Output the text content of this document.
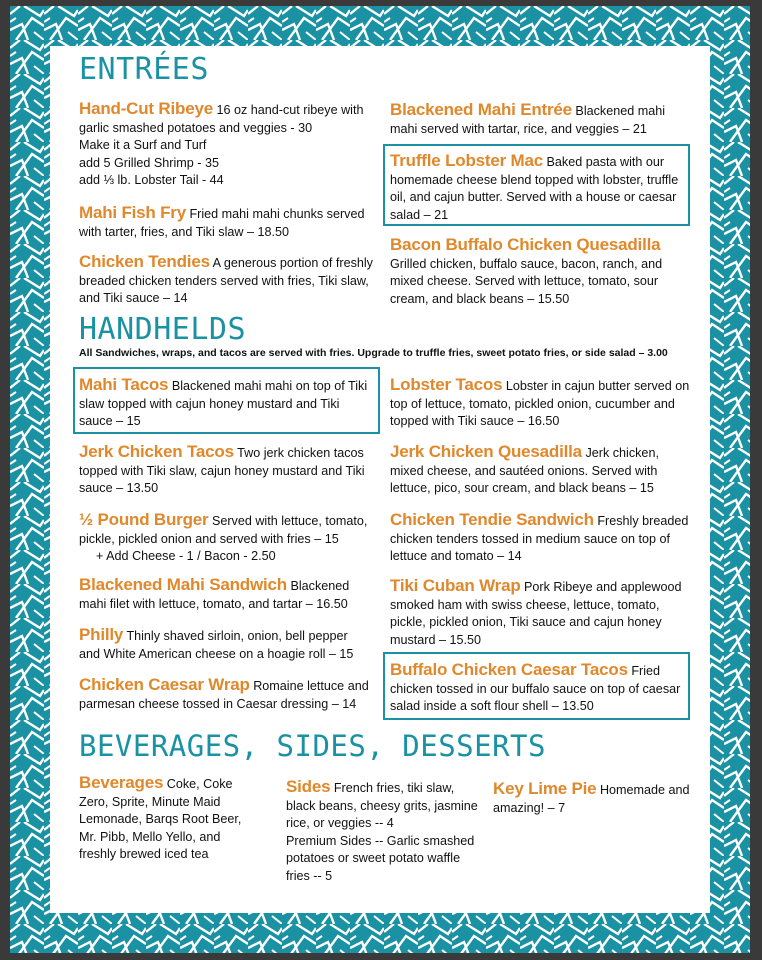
ENTRÉES
Hand-Cut Ribeye 16 oz hand-cut ribeye with garlic smashed potatoes and veggies - 30
Make it a Surf and Turf
add 5 Grilled Shrimp - 35
add ⅓ lb. Lobster Tail - 44
Mahi Fish Fry Fried mahi mahi chunks served with tarter, fries, and Tiki slaw – 18.50
Chicken Tendies A generous portion of freshly breaded chicken tenders served with fries, Tiki slaw, and Tiki sauce – 14
Blackened Mahi Entrée Blackened mahi mahi served with tartar, rice, and veggies – 21
Truffle Lobster Mac Baked pasta with our homemade cheese blend topped with lobster, truffle oil, and cajun butter. Served with a house or caesar salad – 21
Bacon Buffalo Chicken Quesadilla Grilled chicken, buffalo sauce, bacon, ranch, and mixed cheese. Served with lettuce, tomato, sour cream, and black beans – 15.50
HANDHELDS
All Sandwiches, wraps, and tacos are served with fries. Upgrade to truffle fries, sweet potato fries, or side salad – 3.00
Mahi Tacos Blackened mahi mahi on top of Tiki slaw topped with cajun honey mustard and Tiki sauce – 15
Jerk Chicken Tacos Two jerk chicken tacos topped with Tiki slaw, cajun honey mustard and Tiki sauce – 13.50
½ Pound Burger Served with lettuce, tomato, pickle, pickled onion and served with fries – 15
+ Add Cheese - 1 / Bacon - 2.50
Blackened Mahi Sandwich Blackened mahi filet with lettuce, tomato, and tartar – 16.50
Philly Thinly shaved sirloin, onion, bell pepper and White American cheese on a hoagie roll – 15
Chicken Caesar Wrap Romaine lettuce and parmesan cheese tossed in Caesar dressing – 14
Lobster Tacos Lobster in cajun butter served on top of lettuce, tomato, pickled onion, cucumber and topped with Tiki sauce – 16.50
Jerk Chicken Quesadilla Jerk chicken, mixed cheese, and sautéed onions. Served with lettuce, pico, sour cream, and black beans – 15
Chicken Tendie Sandwich Freshly breaded chicken tenders tossed in medium sauce on top of lettuce and tomato – 14
Tiki Cuban Wrap Pork Ribeye and applewood smoked ham with swiss cheese, lettuce, tomato, pickle, pickled onion, Tiki sauce and cajun honey mustard – 15.50
Buffalo Chicken Caesar Tacos Fried chicken tossed in our buffalo sauce on top of caesar salad inside a soft flour shell – 13.50
BEVERAGES, SIDES, DESSERTS
Beverages Coke, Coke Zero, Sprite, Minute Maid Lemonade, Barqs Root Beer, Mr. Pibb, Mello Yello, and freshly brewed iced tea
Sides French fries, tiki slaw, black beans, cheesy grits, jasmine rice, or veggies -- 4
Premium Sides -- Garlic smashed potatoes or sweet potato waffle fries -- 5
Key Lime Pie Homemade and amazing! – 7
